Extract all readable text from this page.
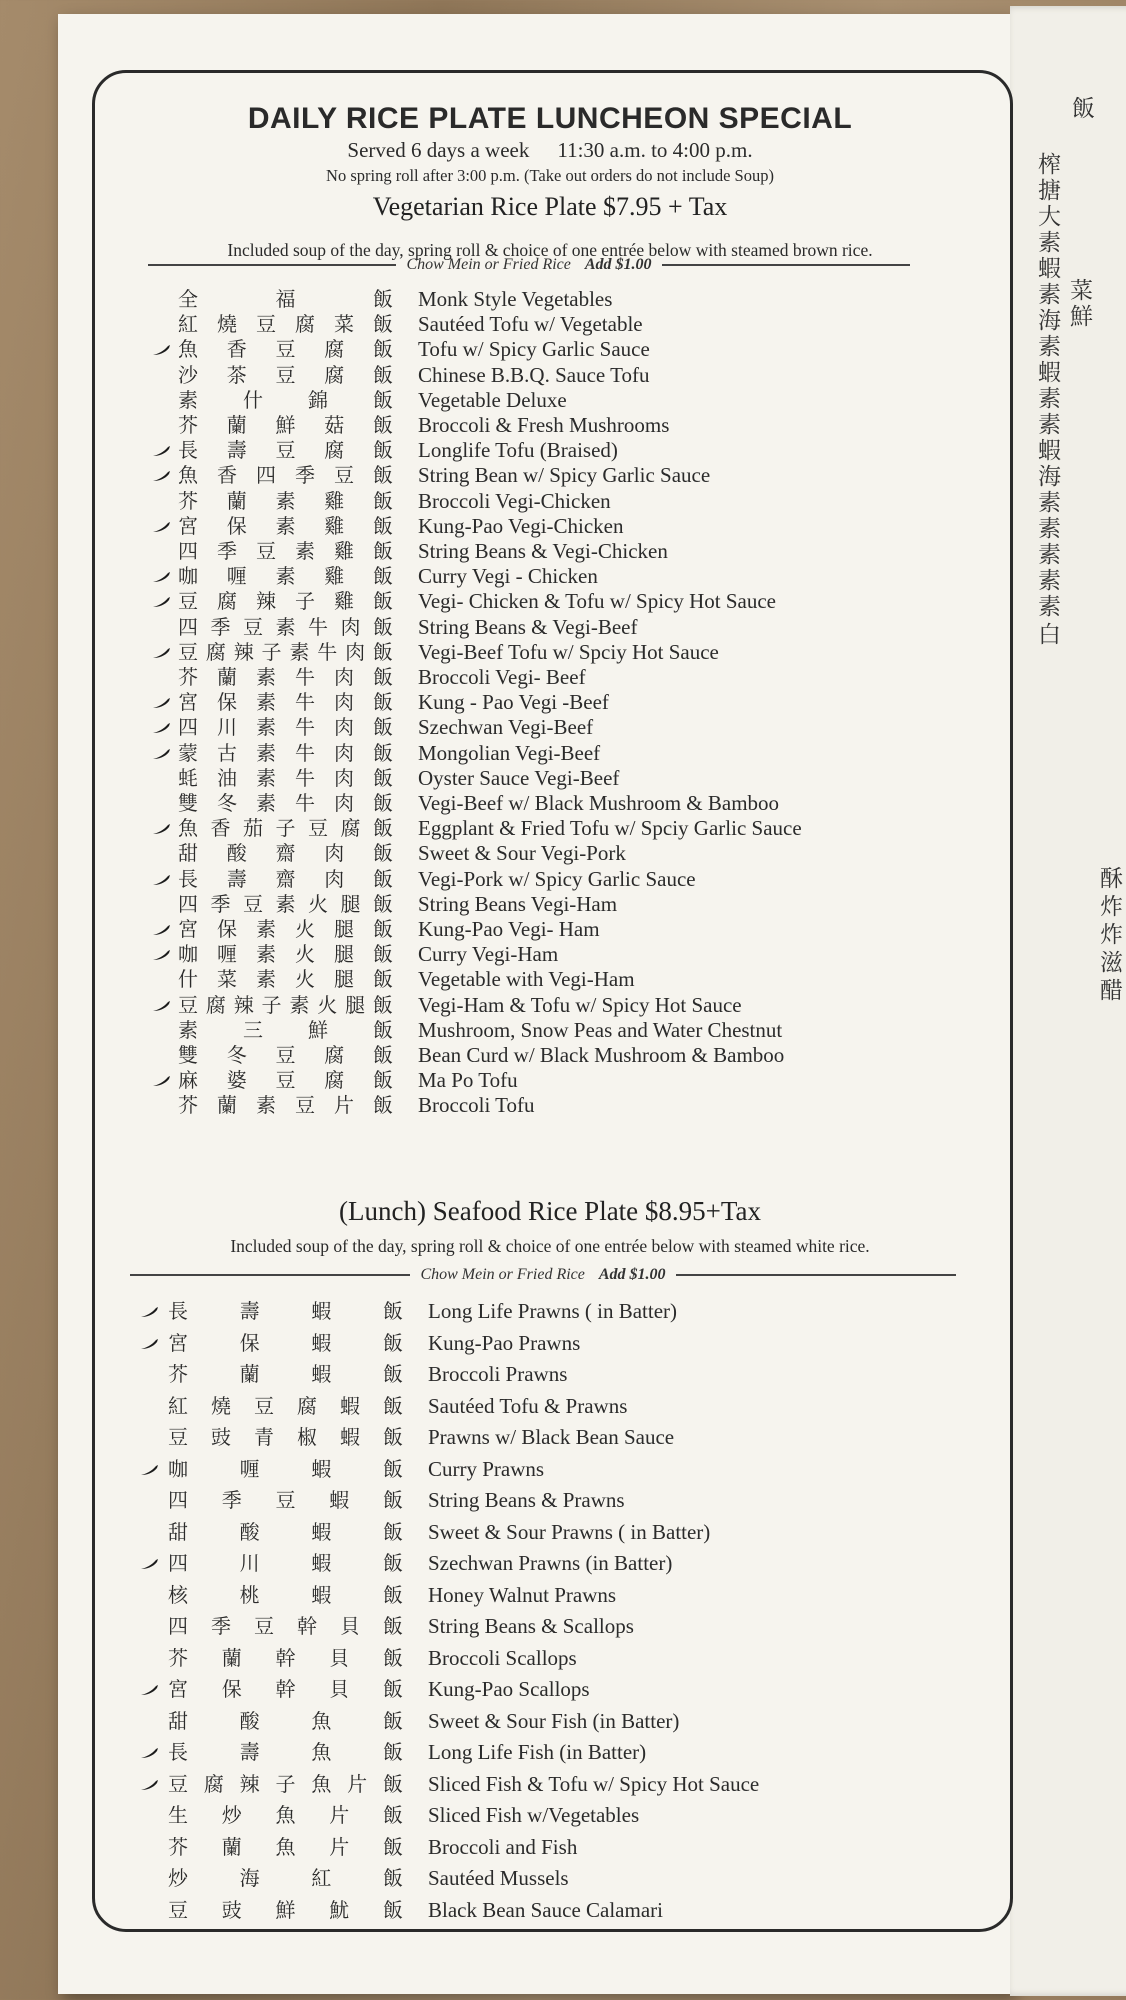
飯
榨
搪
大
素
蝦
素
海
素
蝦
素
素
蝦
海
素
素
素
素
素
白
菜
鮮
酥
炸
炸
滋
醋
DAILY RICE PLATE LUNCHEON SPECIAL
Served 6 days a week 11:30 a.m. to 4:00 p.m.
No spring roll after 3:00 p.m. (Take out orders do not include Soup)
Vegetarian Rice Plate $7.95 + Tax
Included soup of the day, spring roll & choice of one entrée below with steamed brown rice.
Chow Mein or Fried Rice Add $1.00
全	福	飯 Monk Style Vegetables
紅 燒 豆 腐 菜 飯 Sautéed Tofu w/ Vegetable
魚 香 豆 腐 飯 Tofu w/ Spicy Garlic Sauce
沙 茶 豆 腐 飯 Chinese B.B.Q. Sauce Tofu
素 什 錦 飯 Vegetable Deluxe
芥 蘭 鮮 菇 飯 Broccoli & Fresh Mushrooms
長 壽 豆 腐 飯 Longlife Tofu (Braised)
魚 香 四 季 豆 飯 String Bean w/ Spicy Garlic Sauce
芥 蘭 素 雞 飯 Broccoli Vegi-Chicken
宮 保 素 雞 飯 Kung-Pao Vegi-Chicken
四 季 豆 素 雞 飯 String Beans & Vegi-Chicken
咖 喱 素 雞 飯 Curry Vegi - Chicken
豆 腐 辣 子 雞 飯 Vegi- Chicken & Tofu w/ Spicy Hot Sauce
四 季 豆 素 牛 肉 飯 String Beans & Vegi-Beef
豆 腐 辣 子 素 牛 肉 飯 Vegi-Beef Tofu w/ Spciy Hot Sauce
芥 蘭 素 牛 肉 飯 Broccoli Vegi- Beef
宮 保 素 牛 肉 飯 Kung - Pao Vegi -Beef
四 川 素 牛 肉 飯 Szechwan Vegi-Beef
蒙 古 素 牛 肉 飯 Mongolian Vegi-Beef
蚝 油 素 牛 肉 飯 Oyster Sauce Vegi-Beef
雙 冬 素 牛 肉 飯 Vegi-Beef w/ Black Mushroom & Bamboo
魚 香 茄 子 豆 腐 飯 Eggplant & Fried Tofu w/ Spciy Garlic Sauce
甜 酸 齋 肉 飯 Sweet & Sour Vegi-Pork
長 壽 齋 肉 飯 Vegi-Pork w/ Spicy Garlic Sauce
四 季 豆 素 火 腿 飯 String Beans Vegi-Ham
宮 保 素 火 腿 飯 Kung-Pao Vegi- Ham
咖 喱 素 火 腿 飯 Curry Vegi-Ham
什 菜 素 火 腿 飯 Vegetable with Vegi-Ham
豆 腐 辣 子 素 火 腿 飯 Vegi-Ham & Tofu w/ Spicy Hot Sauce
素 三 鮮 飯 Mushroom, Snow Peas and Water Chestnut
雙 冬 豆 腐 飯 Bean Curd w/ Black Mushroom & Bamboo
麻 婆 豆 腐 飯 Ma Po Tofu
芥 蘭 素 豆 片 飯 Broccoli Tofu
(Lunch) Seafood Rice Plate $8.95+Tax
Included soup of the day, spring roll & choice of one entrée below with steamed white rice.
Chow Mein or Fried Rice Add $1.00
長	壽	蝦	飯 Long Life Prawns ( in Batter)
宮	保	蝦	飯 Kung-Pao Prawns
芥	蘭	蝦	飯 Broccoli Prawns
紅 燒 豆 腐 蝦 飯 Sautéed Tofu & Prawns
豆 豉 青 椒 蝦 飯 Prawns w/ Black Bean Sauce
咖	喱	蝦	飯 Curry Prawns
四 季 豆 蝦 飯 String Beans & Prawns
甜	酸	蝦	飯 Sweet & Sour Prawns ( in Batter)
四	川	蝦	飯 Szechwan Prawns (in Batter)
核	桃	蝦	飯 Honey Walnut Prawns
四 季 豆 幹 貝 飯 String Beans & Scallops
芥 蘭 幹 貝 飯 Broccoli Scallops
宮 保 幹 貝 飯 Kung-Pao Scallops
甜	酸	魚	飯 Sweet & Sour Fish (in Batter)
長	壽	魚	飯 Long Life Fish (in Batter)
豆 腐 辣 子 魚 片 飯 Sliced Fish & Tofu w/ Spicy Hot Sauce
生 炒 魚 片 飯 Sliced Fish w/Vegetables
芥 蘭 魚 片 飯 Broccoli and Fish
炒	海	紅	飯 Sautéed Mussels
豆 豉 鮮 魷 飯 Black Bean Sauce Calamari
